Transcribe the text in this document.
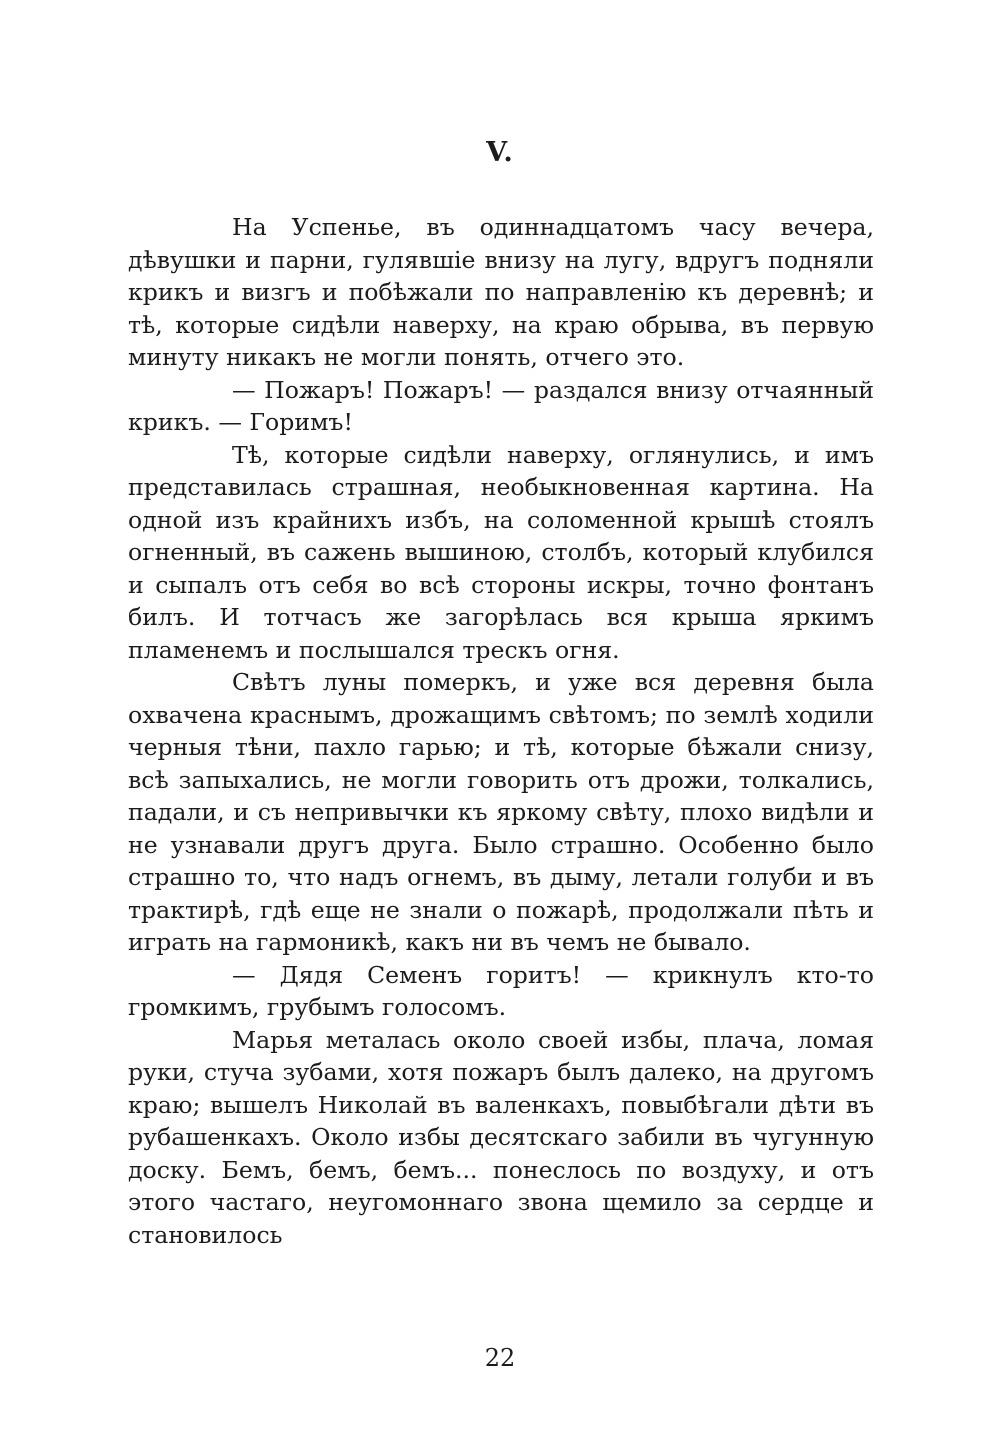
V.

На Успенье, въ одиннадцатомъ часу вечера, дѣвушки и парни, гулявшіе внизу на лугу, вдругъ подняли крикъ и визгъ и побѣжали по направленію къ деревнѣ; и тѣ, которые сидѣли наверху, на краю обрыва, въ первую минуту никакъ не могли понять, отчего это.

— Пожаръ! Пожаръ! — раздался внизу отчаянный крикъ. — Горимъ!

Тѣ, которые сидѣли наверху, оглянулись, и имъ представилась страшная, необыкновенная картина. На одной изъ крайнихъ избъ, на соломенной крышѣ стоялъ огненный, въ сажень вышиною, столбъ, который клубился и сыпалъ отъ себя во всѣ стороны искры, точно фонтанъ билъ. И тотчасъ же загорѣлась вся крыша яркимъ пламенемъ и послышался трескъ огня.

Свѣтъ луны померкъ, и уже вся деревня была охвачена краснымъ, дрожащимъ свѣтомъ; по землѣ ходили черныя тѣни, пахло гарью; и тѣ, которые бѣжали снизу, всѣ запыхались, не могли говорить отъ дрожи, толкались, падали, и съ непривычки къ яркому свѣту, плохо видѣли и не узнавали другъ друга. Было страшно. Особенно было страшно то, что надъ огнемъ, въ дыму, летали голуби и въ трактирѣ, гдѣ еще не знали о пожарѣ, продолжали пѣть и играть на гармоникѣ, какъ ни въ чемъ не бывало.

— Дядя Семенъ горитъ! — крикнулъ кто-то громкимъ, грубымъ голосомъ.

Марья металась около своей избы, плача, ломая руки, стуча зубами, хотя пожаръ былъ далеко, на другомъ краю; вышелъ Николай въ валенкахъ, повыбѣгали дѣти въ рубашенкахъ. Около избы десятскаго забили въ чугунную доску. Бемъ, бемъ, бемъ... понеслось по воздуху, и отъ этого частаго, неугомоннаго звона щемило за сердце и становилось

22
